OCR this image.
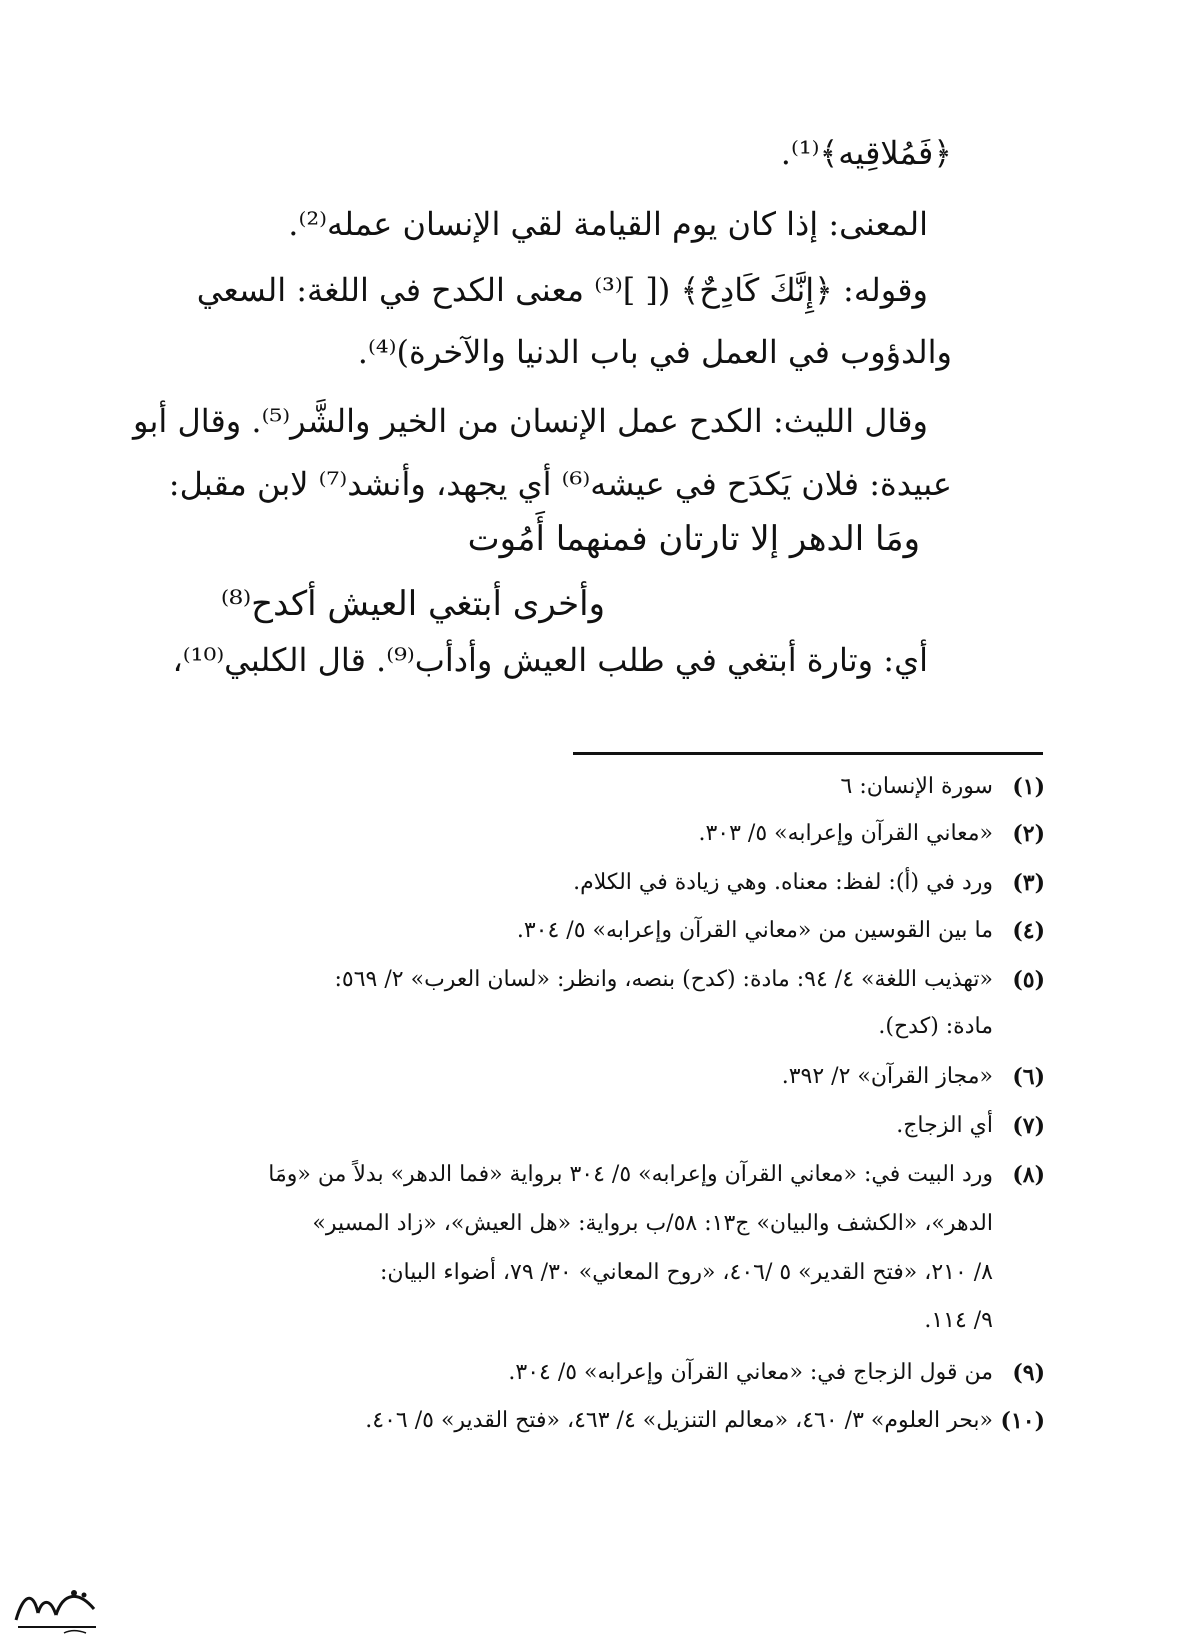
﴿فَمُلاقِيه﴾⁽¹⁾.
المعنى: إذا كان يوم القيامة لقي الإنسان عمله⁽²⁾.
وقوله: ﴿إِنَّكَ كَادِحٌ﴾ ([ ]⁽³⁾ معنى الكدح في اللغة: السعي
والدؤوب في العمل في باب الدنيا والآخرة)⁽⁴⁾.
وقال الليث: الكدح عمل الإنسان من الخير والشَّر⁽⁵⁾. وقال أبو
عبيدة: فلان يَكدَح في عيشه⁽⁶⁾ أي يجهد، وأنشد⁽⁷⁾ لابن مقبل:
ومَا الدهر إلا تارتان فمنهما أَمُوت
وأخرى أبتغي العيش أكدح⁽⁸⁾
أي: وتارة أبتغي في طلب العيش وأدأب⁽⁹⁾. قال الكلبي⁽¹⁰⁾،
(١)
سورة الإنسان: ٦
(٢)
«معاني القرآن وإعرابه» ٥/ ٣٠٣.
(٣)
ورد في (أ): لفظ: معناه. وهي زيادة في الكلام.
(٤)
ما بين القوسين من «معاني القرآن وإعرابه» ٥/ ٣٠٤.
(٥)
«تهذيب اللغة» ٤/ ٩٤: مادة: (كدح) بنصه، وانظر: «لسان العرب» ٢/ ٥٦٩:
مادة: (كدح).
(٦)
«مجاز القرآن» ٢/ ٣٩٢.
(٧)
أي الزجاج.
(٨)
ورد البيت في: «معاني القرآن وإعرابه» ٥/ ٣٠٤ برواية «فما الدهر» بدلاً من «ومَا
الدهر»، «الكشف والبيان» ج١٣: ٥٨/ب برواية: «هل العيش»، «زاد المسير»
٨/ ٢١٠، «فتح القدير» ٥ /٤٠٦، «روح المعاني» ٣٠/ ٧٩، أضواء البيان:
٩/ ١١٤.
(٩)
من قول الزجاج في: «معاني القرآن وإعرابه» ٥/ ٣٠٤.
(١٠)
«بحر العلوم» ٣/ ٤٦٠، «معالم التنزيل» ٤/ ٤٦٣، «فتح القدير» ٥/ ٤٠٦.
